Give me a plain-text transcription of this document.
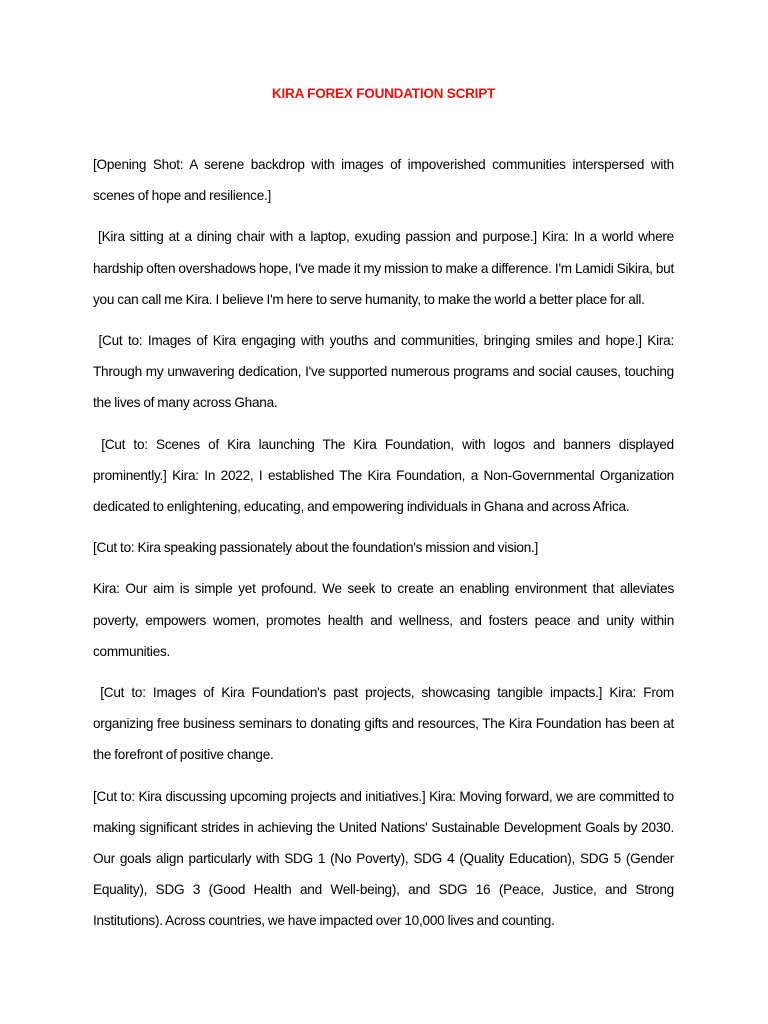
KIRA FOREX FOUNDATION SCRIPT

[Opening Shot: A serene backdrop with images of impoverished communities interspersed with scenes of hope and resilience.]

[Kira sitting at a dining chair with a laptop, exuding passion and purpose.] Kira: In a world where hardship often overshadows hope, I've made it my mission to make a difference. I'm Lamidi Sikira, but you can call me Kira. I believe I'm here to serve humanity, to make the world a better place for all.

[Cut to: Images of Kira engaging with youths and communities, bringing smiles and hope.] Kira: Through my unwavering dedication, I've supported numerous programs and social causes, touching the lives of many across Ghana.

[Cut to: Scenes of Kira launching The Kira Foundation, with logos and banners displayed prominently.] Kira: In 2022, I established The Kira Foundation, a Non-Governmental Organization dedicated to enlightening, educating, and empowering individuals in Ghana and across Africa.

[Cut to: Kira speaking passionately about the foundation's mission and vision.]

Kira: Our aim is simple yet profound. We seek to create an enabling environment that alleviates poverty, empowers women, promotes health and wellness, and fosters peace and unity within communities.

[Cut to: Images of Kira Foundation's past projects, showcasing tangible impacts.] Kira: From organizing free business seminars to donating gifts and resources, The Kira Foundation has been at the forefront of positive change.

[Cut to: Kira discussing upcoming projects and initiatives.] Kira: Moving forward, we are committed to making significant strides in achieving the United Nations' Sustainable Development Goals by 2030. Our goals align particularly with SDG 1 (No Poverty), SDG 4 (Quality Education), SDG 5 (Gender Equality), SDG 3 (Good Health and Well-being), and SDG 16 (Peace, Justice, and Strong Institutions). Across countries, we have impacted over 10,000 lives and counting.
